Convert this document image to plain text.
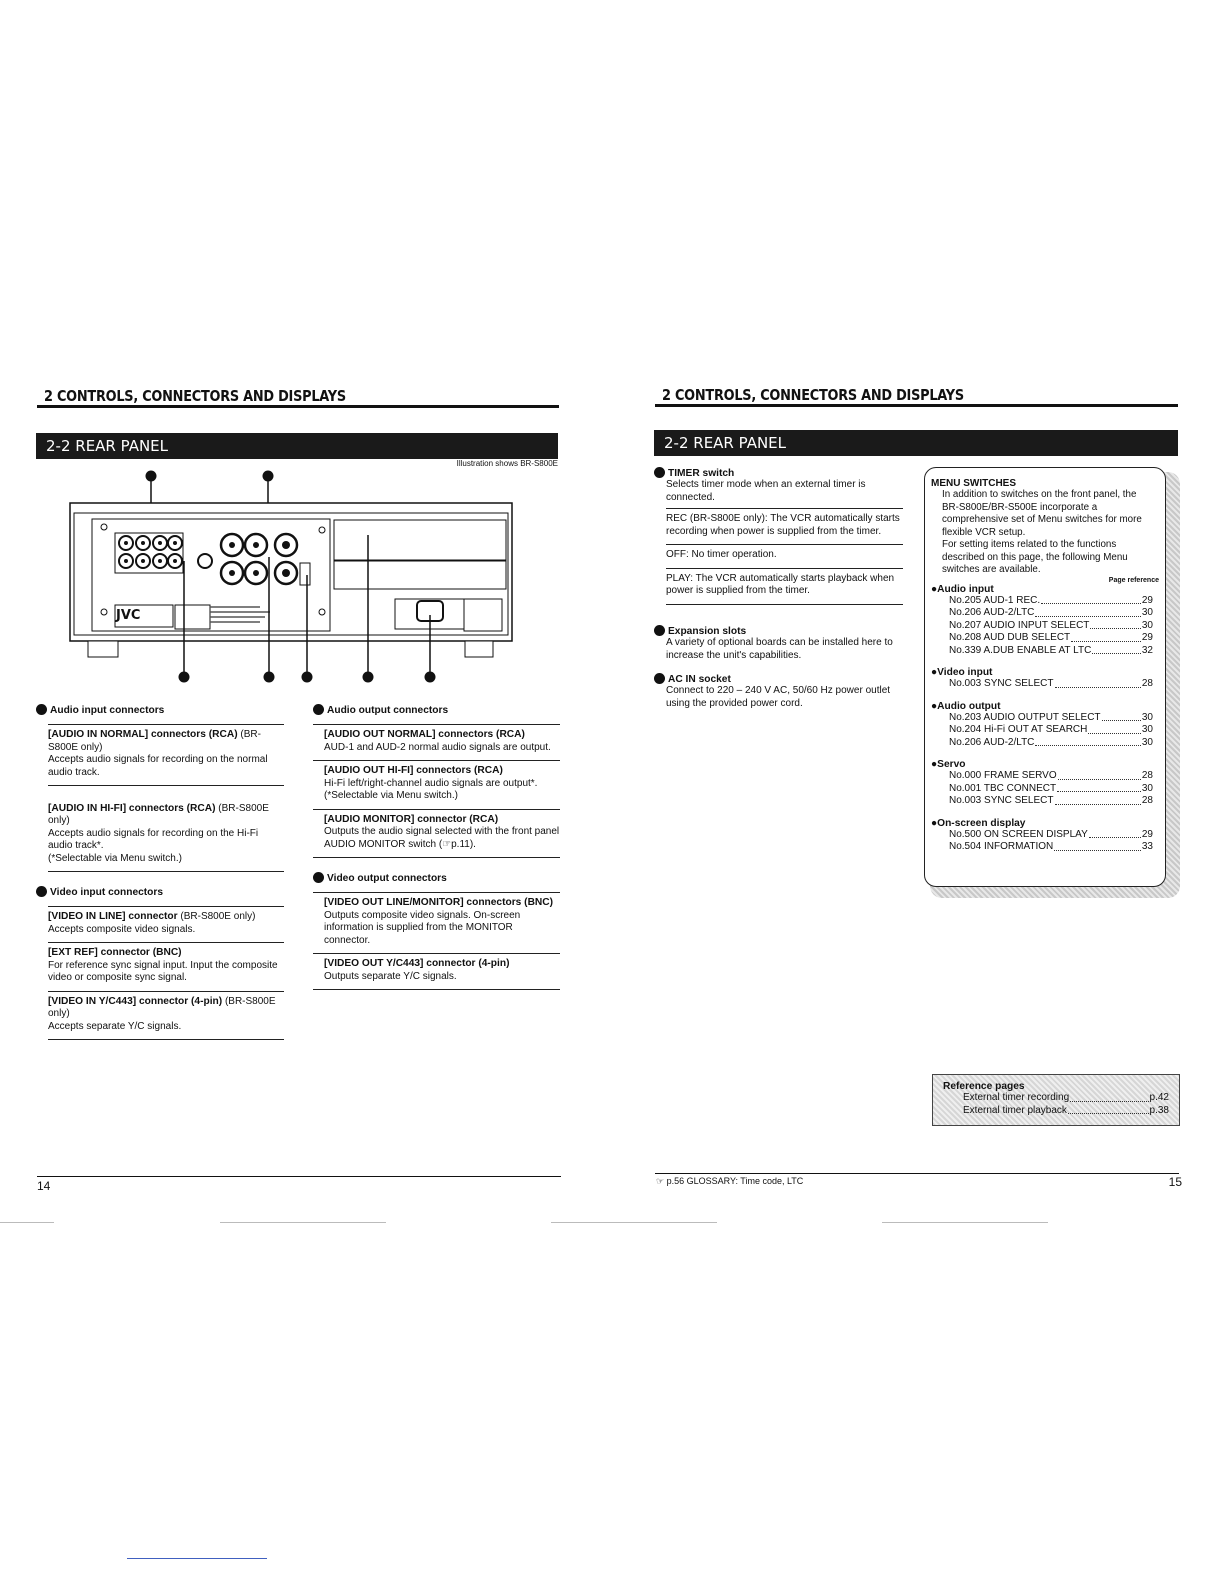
2 CONTROLS, CONNECTORS AND DISPLAYS
2-2 REAR PANEL
Illustration shows BR-S800E
JVC
Audio input connectors
[AUDIO IN NORMAL] connectors (RCA) (BR-S800E only)
Accepts audio signals for recording on the normal audio track.

[AUDIO IN HI-FI] connectors (RCA) (BR-S800E only)
Accepts audio signals for recording on the Hi-Fi audio track*.
(*Selectable via Menu switch.)

Video input connectors
[VIDEO IN LINE] connector (BR-S800E only)
Accepts composite video signals.
[EXT REF] connector (BNC)
For reference sync signal input. Input the composite video or composite sync signal.
[VIDEO IN Y/C443] connector (4-pin) (BR-S800E only)
Accepts separate Y/C signals.
Audio output connectors
[AUDIO OUT NORMAL] connectors (RCA)
AUD-1 and AUD-2 normal audio signals are output.
[AUDIO OUT HI-FI] connectors (RCA)
Hi-Fi left/right-channel audio signals are output*.
(*Selectable via Menu switch.)

[AUDIO MONITOR] connector (RCA)
Outputs the audio signal selected with the front panel AUDIO MONITOR switch (☞p.11).
Video output connectors
[VIDEO OUT LINE/MONITOR] connectors (BNC)
Outputs composite video signals. On-screen information is supplied from the MONITOR connector.
[VIDEO OUT Y/C443] connector (4-pin)
Outputs separate Y/C signals.
14
2 CONTROLS, CONNECTORS AND DISPLAYS
2-2 REAR PANEL
TIMER switch
Selects timer mode when an external timer is connected.
REC (BR-S800E only): The VCR automatically starts recording when power is supplied from the timer.
OFF: No timer operation.
PLAY: The VCR automatically starts playback when power is supplied from the timer.
Expansion slots
A variety of optional boards can be installed here to increase the unit's capabilities.
AC IN socket
Connect to 220 – 240 V AC, 50/60 Hz power outlet using the provided power cord.
MENU SWITCHES
In addition to switches on the front panel, the BR-S800E/BR-S500E incorporate a comprehensive set of Menu switches for more flexible VCR setup.
For setting items related to the functions described on this page, the following Menu switches are available.
Page reference
●Audio input
No.205 AUD-1 REC.	29
No.206 AUD-2/LTC	30
No.207 AUDIO INPUT SELECT	30
No.208 AUD DUB SELECT	29
No.339 A.DUB ENABLE AT LTC	32
●Video input
No.003 SYNC SELECT	28
●Audio output
No.203 AUDIO OUTPUT SELECT	30
No.204 Hi-Fi OUT AT SEARCH	30
No.206 AUD-2/LTC	30
●Servo
No.000 FRAME SERVO	28
No.001 TBC CONNECT	30
No.003 SYNC SELECT	28
●On-screen display
No.500 ON SCREEN DISPLAY	29
No.504 INFORMATION	33
Reference pages
External timer recording	p.42
External timer playback	p.38
☞ p.56 GLOSSARY: Time code, LTC	15
